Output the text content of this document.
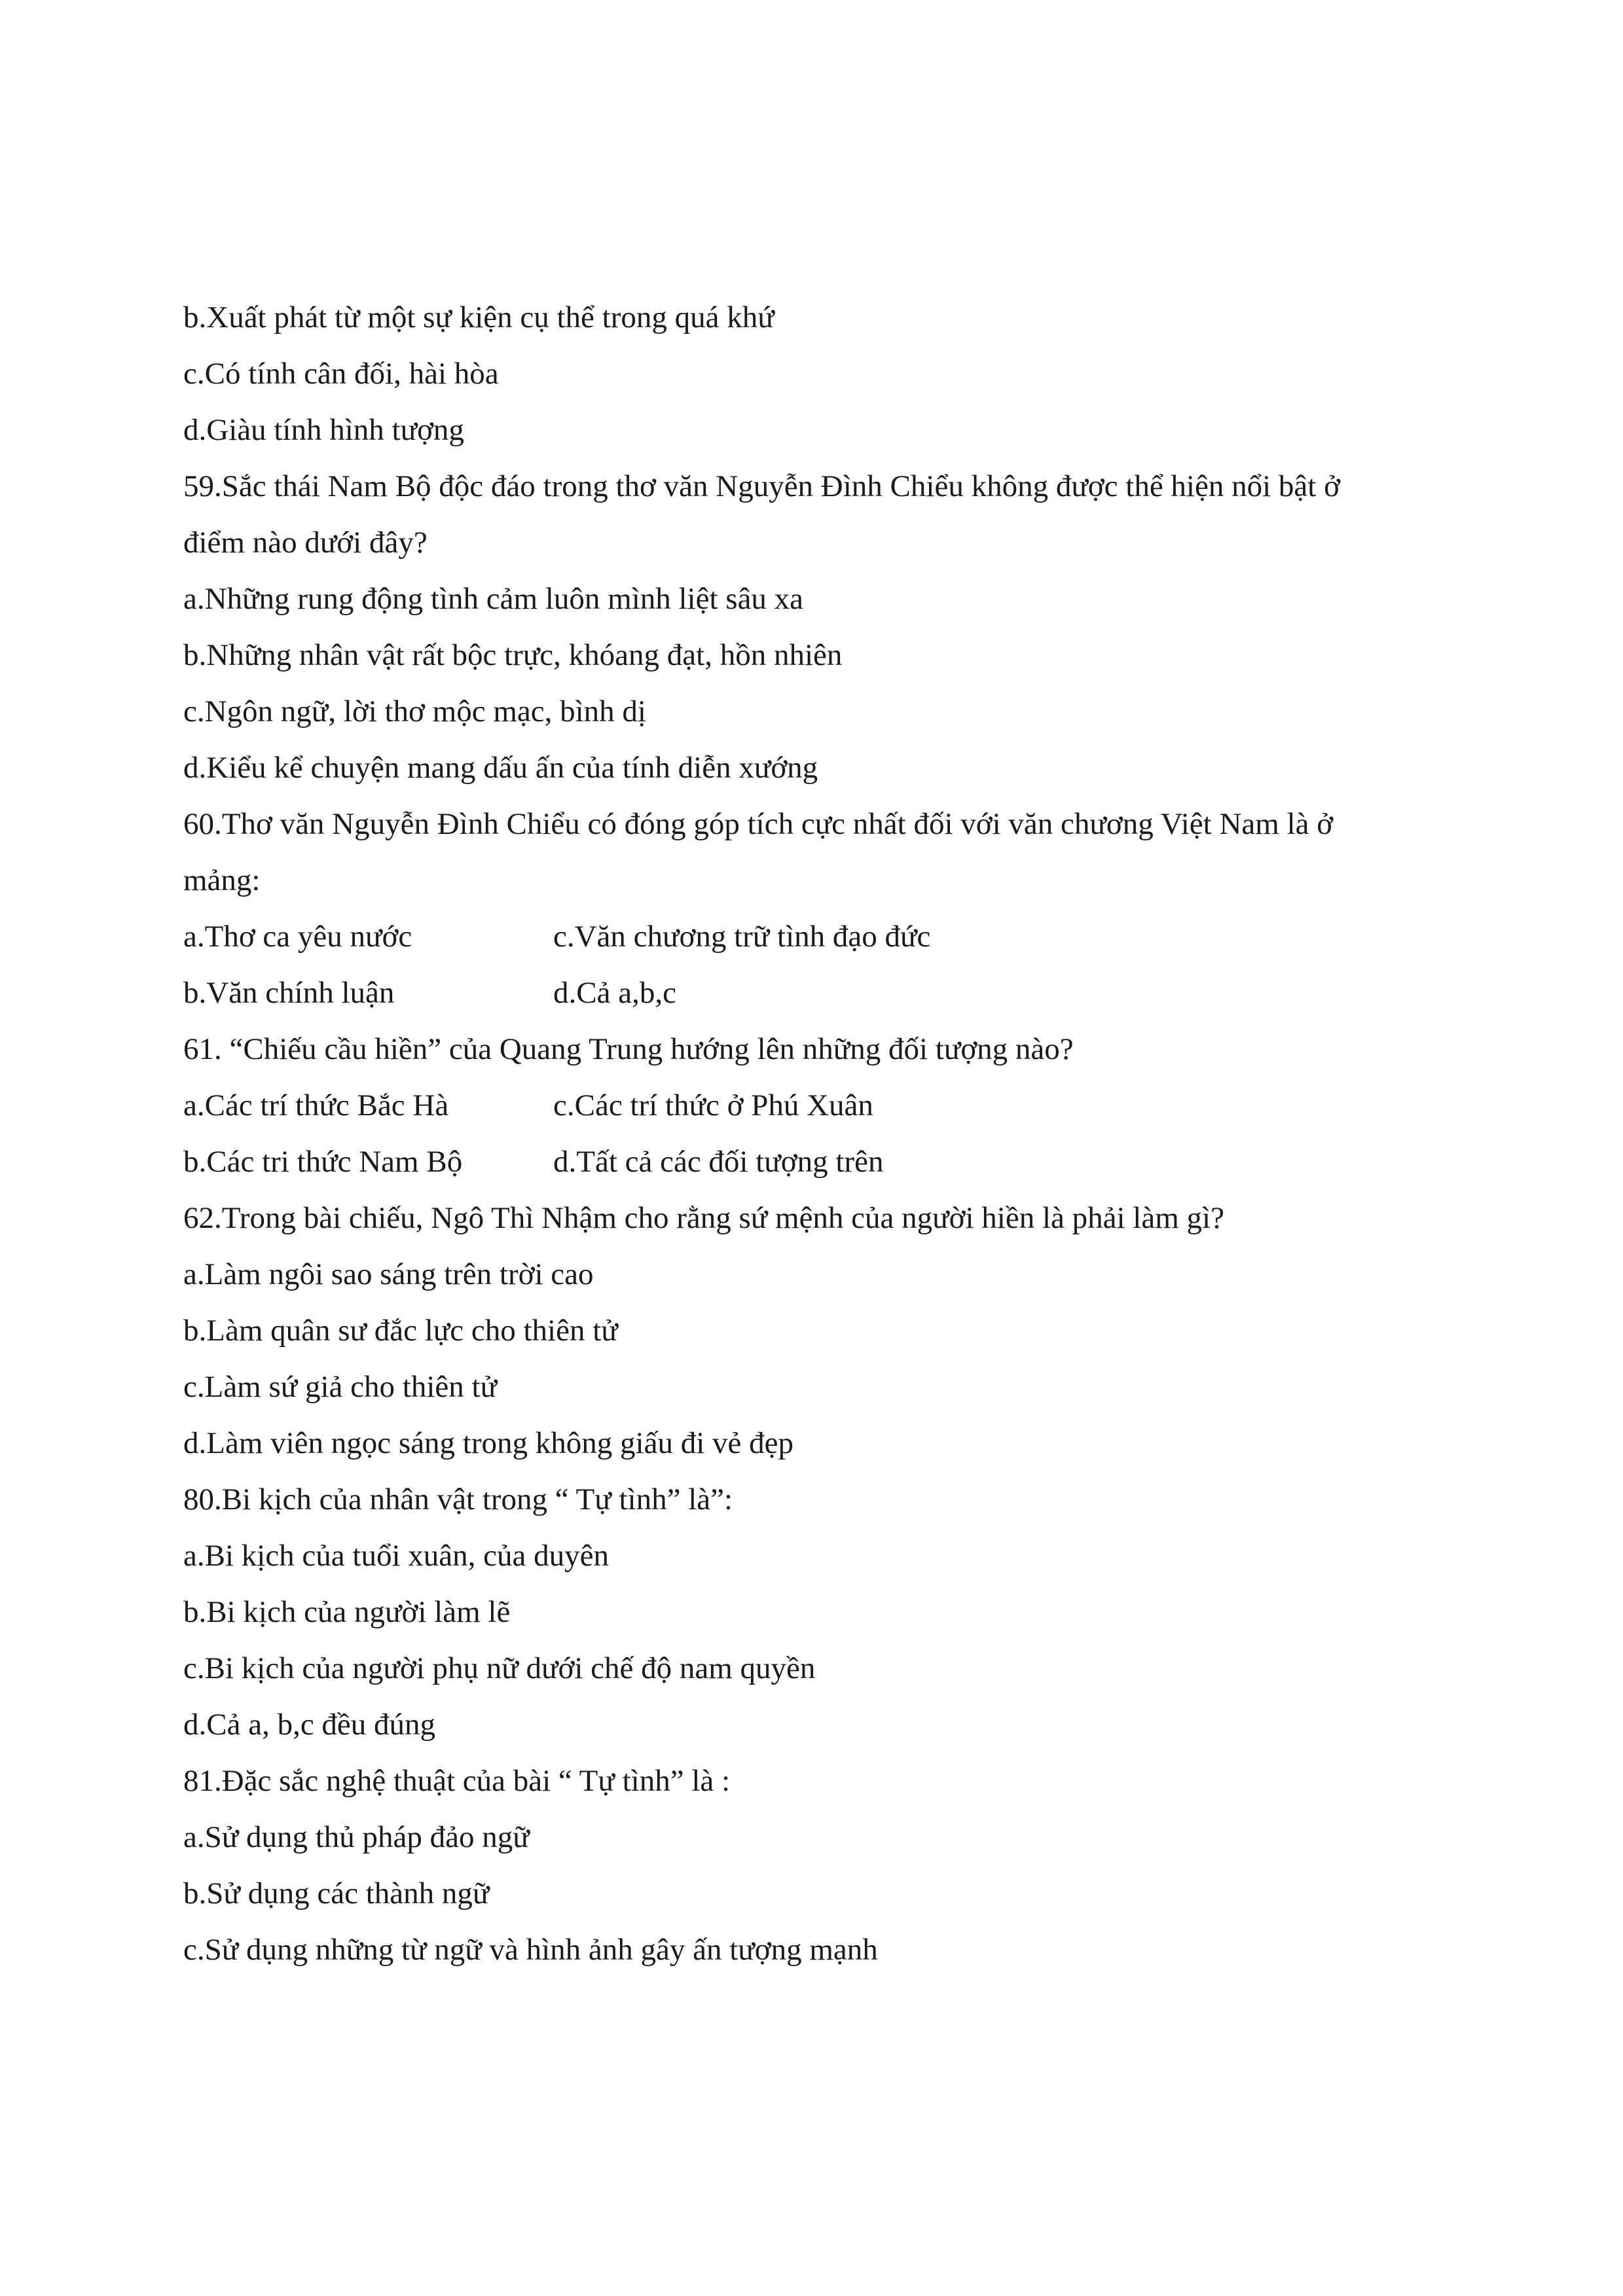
b.Xuất phát từ một sự kiện cụ thể trong quá khứ
c.Có tính cân đối, hài hòa
d.Giàu tính hình tượng
59.Sắc thái Nam Bộ độc đáo trong thơ văn Nguyễn Đình Chiểu không được thể hiện nổi bật ở
điểm nào dưới đây?
a.Những rung động tình cảm luôn mình liệt sâu xa
b.Những nhân vật rất bộc trực, khóang đạt, hồn nhiên
c.Ngôn ngữ, lời thơ mộc mạc, bình dị
d.Kiểu kể chuyện mang dấu ấn của tính diễn xướng
60.Thơ văn Nguyễn Đình Chiểu có đóng góp tích cực nhất đối với văn chương Việt Nam là ở
mảng:
a.Thơ ca yêu nước	c.Văn chương trữ tình đạo đức
b.Văn chính luận	d.Cả a,b,c
61. “Chiếu cầu hiền” của Quang Trung hướng lên những đối tượng nào?
a.Các trí thức Bắc Hà	c.Các trí thức ở Phú Xuân
b.Các tri thức Nam Bộ	d.Tất cả các đối tượng trên
62.Trong bài chiếu, Ngô Thì Nhậm cho rằng sứ mệnh của người hiền là phải làm gì?
a.Làm ngôi sao sáng trên trời cao
b.Làm quân sư đắc lực cho thiên tử
c.Làm sứ giả cho thiên tử
d.Làm viên ngọc sáng trong không giấu đi vẻ đẹp
80.Bi kịch của nhân vật trong “ Tự tình” là”:
a.Bi kịch của tuổi xuân, của duyên
b.Bi kịch của người làm lẽ
c.Bi kịch của người phụ nữ dưới chế độ nam quyền
d.Cả a, b,c đều đúng
81.Đặc sắc nghệ thuật của bài “ Tự tình” là :
a.Sử dụng thủ pháp đảo ngữ
b.Sử dụng các thành ngữ
c.Sử dụng những từ ngữ và hình ảnh gây ấn tượng mạnh
